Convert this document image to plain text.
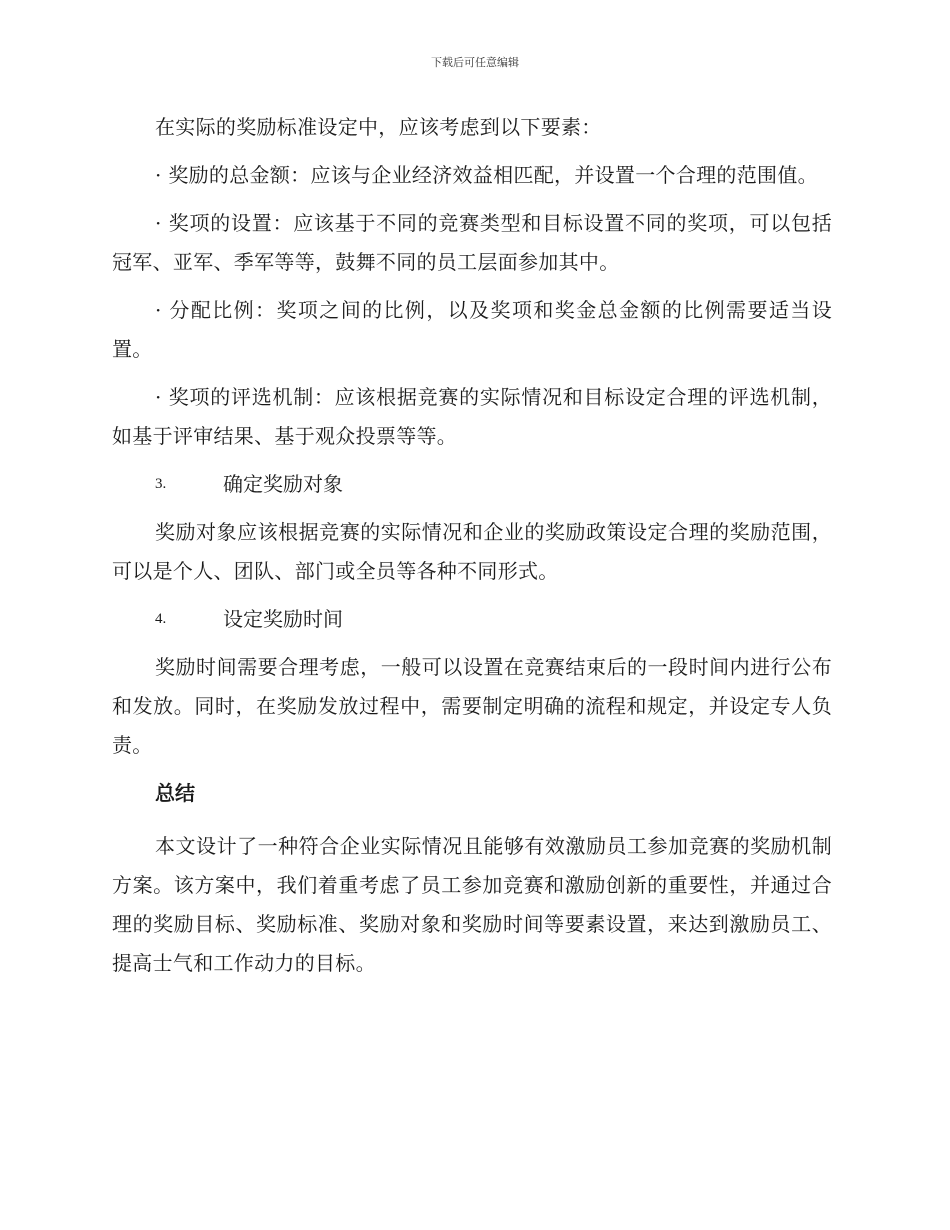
下载后可任意编辑

在实际的奖励标准设定中，应该考虑到以下要素：

· 奖励的总金额：应该与企业经济效益相匹配，并设置一个合理的范围值。

· 奖项的设置：应该基于不同的竞赛类型和目标设置不同的奖项，可以包括冠军、亚军、季军等等，鼓舞不同的员工层面参加其中。

· 分配比例：奖项之间的比例，以及奖项和奖金总金额的比例需要适当设置。

· 奖项的评选机制：应该根据竞赛的实际情况和目标设定合理的评选机制，如基于评审结果、基于观众投票等等。

3.	确定奖励对象

奖励对象应该根据竞赛的实际情况和企业的奖励政策设定合理的奖励范围，可以是个人、团队、部门或全员等各种不同形式。

4.	设定奖励时间

奖励时间需要合理考虑，一般可以设置在竞赛结束后的一段时间内进行公布和发放。同时，在奖励发放过程中，需要制定明确的流程和规定，并设定专人负责。

总结

本文设计了一种符合企业实际情况且能够有效激励员工参加竞赛的奖励机制方案。该方案中，我们着重考虑了员工参加竞赛和激励创新的重要性，并通过合理的奖励目标、奖励标准、奖励对象和奖励时间等要素设置，来达到激励员工、提高士气和工作动力的目标。
